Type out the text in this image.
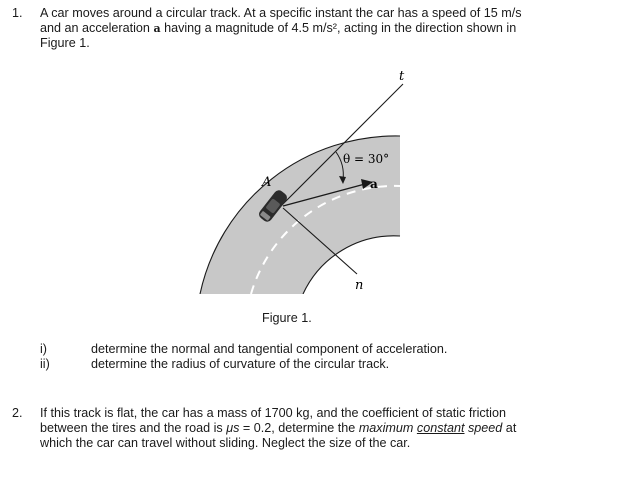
1. A car moves around a circular track. At a specific instant the car has a speed of 15 m/s
and an acceleration a having a magnitude of 4.5 m/s², acting in the direction shown in
Figure 1.
t
θ = 30°
a
A
n
Figure 1.
i)	determine the normal and tangential component of acceleration.
ii)	determine the radius of curvature of the circular track.
2. If this track is flat, the car has a mass of 1700 kg, and the coefficient of static friction
between the tires and the road is μs = 0.2, determine the maximum constant speed at
which the car can travel without sliding. Neglect the size of the car.
